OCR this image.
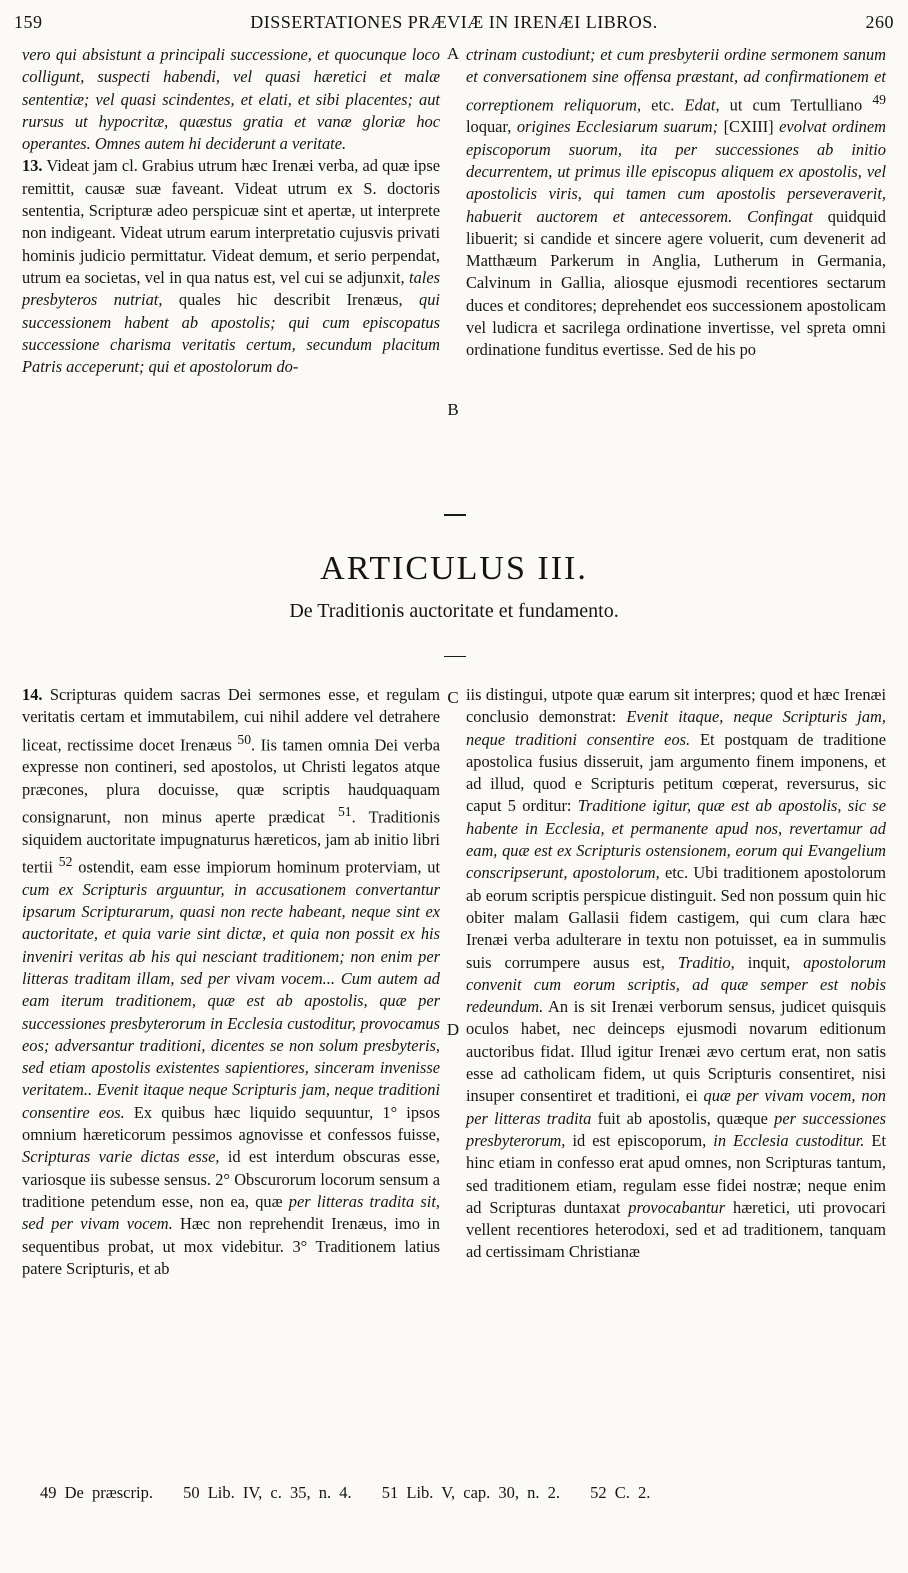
159	DISSERTATIONES PRÆVIÆ IN IRENÆI LIBROS.	260

vero qui absistunt a principali successione, et quocunque loco colligunt, suspecti habendi, vel quasi hæretici et malæ sententiæ; vel quasi scindentes, et elati, et sibi placentes; aut rursus ut hypocritæ, quæstus gratia et vanæ gloriæ hoc operantes. Omnes autem hi deciderunt a veritate.

13. Videat jam cl. Grabius utrum hæc Irenæi verba, ad quæ ipse remittit, causæ suæ faveant. Videat utrum ex S. doctoris sententia, Scripturæ adeo perspicuæ sint et apertæ, ut interprete non indigeant. Videat utrum earum interpretatio cujusvis privati hominis judicio permittatur. Videat demum, et serio perpendat, utrum ea societas, vel in qua natus est, vel cui se adjunxit, tales presbyteros nutriat, quales hic describit Irenæus, qui successionem habent ab apostolis; qui cum episcopatus successione charisma veritatis certum, secundum placitum Patris acceperunt; qui et apostolorum do-

A
B

ctrinam custodiunt; et cum presbyterii ordine sermonem sanum et conversationem sine offensa præstant, ad confirmationem et correptionem reliquorum, etc. Edat, ut cum Tertulliano $^{49}$ loquar, origines Ecclesiarum suarum; [CXIII] evolvat ordinem episcoporum suorum, ita per successiones ab initio decurrentem, ut primus ille episcopus aliquem ex apostolis, vel apostolicis viris, qui tamen cum apostolis perseveraverit, habuerit auctorem et antecessorem. Confingat quidquid libuerit; si candide et sincere agere voluerit, cum devenerit ad Matthæum Parkerum in Anglia, Lutherum in Germania, Calvinum in Gallia, aliosque ejusmodi recentiores sectarum duces et conditores; deprehendet eos successionem apostolicam vel ludicra et sacrilega ordinatione invertisse, vel spreta omni ordinatione funditus evertisse. Sed de his po

ARTICULUS III.
De Traditionis auctoritate et fundamento.

14. Scripturas quidem sacras Dei sermones esse, et regulam veritatis certam et immutabilem, cui nihil addere vel detrahere liceat, rectissime docet Irenæus $^{50}$. Iis tamen omnia Dei verba expresse non contineri, sed apostolos, ut Christi legatos atque præcones, plura docuisse, quæ scriptis haudquaquam consignarunt, non minus aperte prædicat $^{51}$. Traditionis siquidem auctoritate impugnaturus hæreticos, jam ab initio libri tertii $^{52}$ ostendit, eam esse impiorum hominum proterviam, ut cum ex Scripturis arguuntur, in accusationem convertantur ipsarum Scripturarum, quasi non recte habeant, neque sint ex auctoritate, et quia varie sint dictæ, et quia non possit ex his inveniri veritas ab his qui nesciant traditionem; non enim per litteras traditam illam, sed per vivam vocem... Cum autem ad eam iterum traditionem, quæ est ab apostolis, quæ per successiones presbyterorum in Ecclesia custoditur, provocamus eos; adversantur traditioni, dicentes se non solum presbyteris, sed etiam apostolis existentes sapientiores, sinceram invenisse veritatem.. Evenit itaque neque Scripturis jam, neque traditioni consentire eos. Ex quibus hæc liquido sequuntur, 1° ipsos omnium hæreticorum pessimos agnovisse et confessos fuisse, Scripturas varie dictas esse, id est interdum obscuras esse, variosque iis subesse sensus. 2° Obscurorum locorum sensum a traditione petendum esse, non ea, quæ per litteras tradita sit, sed per vivam vocem. Hæc non reprehendit Irenæus, imo in sequentibus probat, ut mox videbitur. 3° Traditionem latius patere Scripturis, et ab

C
D

iis distingui, utpote quæ earum sit interpres; quod et hæc Irenæi conclusio demonstrat: Evenit itaque, neque Scripturis jam, neque traditioni consentire eos. Et postquam de traditione apostolica fusius disseruit, jam argumento finem imponens, et ad illud, quod e Scripturis petitum cœperat, reversurus, sic caput 5 orditur: Traditione igitur, quæ est ab apostolis, sic se habente in Ecclesia, et permanente apud nos, revertamur ad eam, quæ est ex Scripturis ostensionem, eorum qui Evangelium conscripserunt, apostolorum, etc. Ubi traditionem apostolorum ab eorum scriptis perspicue distinguit. Sed non possum quin hic obiter malam Gallasii fidem castigem, qui cum clara hæc Irenæi verba adulterare in textu non potuisset, ea in summulis suis corrumpere ausus est, Traditio, inquit, apostolorum convenit cum eorum scriptis, ad quæ semper est nobis redeundum. An is sit Irenæi verborum sensus, judicet quisquis oculos habet, nec deinceps ejusmodi novarum editionum auctoribus fidat. Illud igitur Irenæi ævo certum erat, non satis esse ad catholicam fidem, ut quis Scripturis consentiret, nisi insuper consentiret et traditioni, ei quæ per vivam vocem, non per litteras tradita fuit ab apostolis, quæque per successiones presbyterorum, id est episcoporum, in Ecclesia custoditur. Et hinc etiam in confesso erat apud omnes, non Scripturas tantum, sed traditionem etiam, regulam esse fidei nostræ; neque enim ad Scripturas duntaxat provocabantur hæretici, uti provocari vellent recentiores heterodoxi, sed et ad traditionem, tanquam ad certissimam Christianæ

49 De præscrip. 50 Lib. IV, c. 35, n. 4. 51 Lib. V, cap. 30, n. 2. 52 C. 2.
